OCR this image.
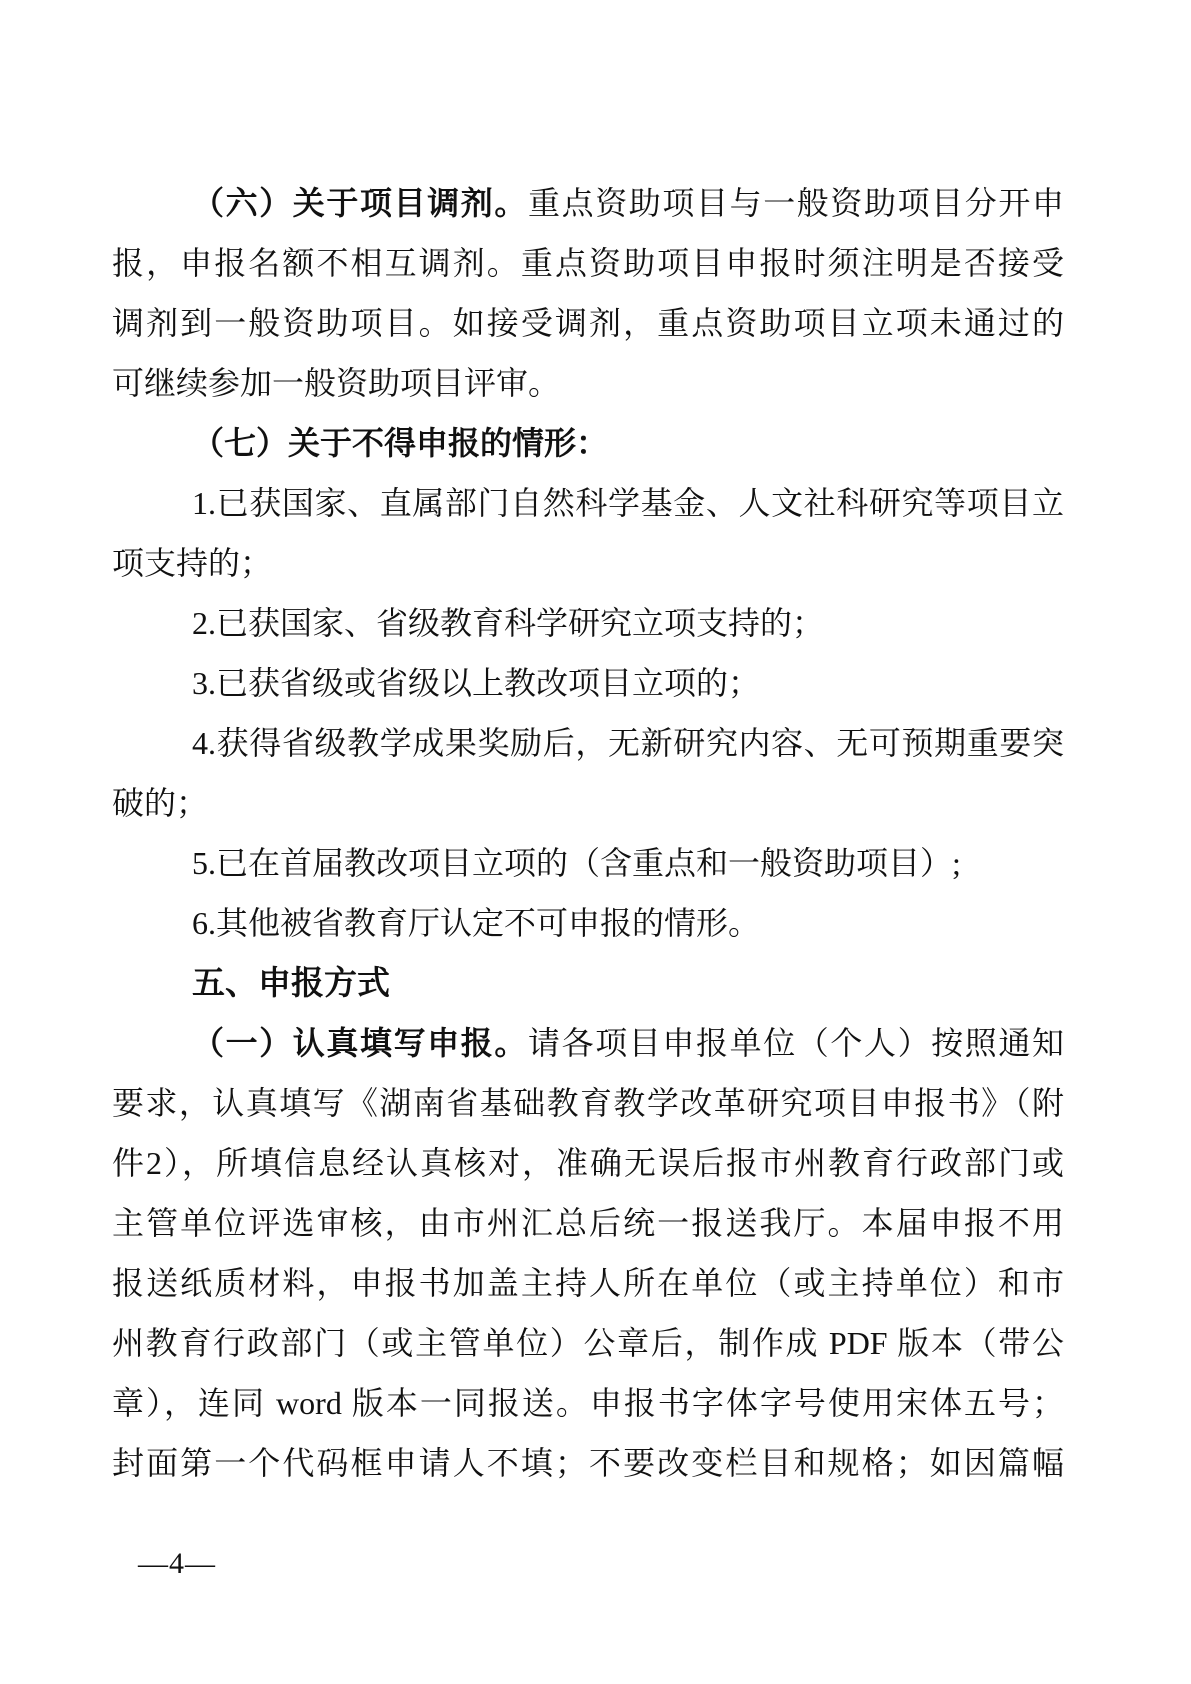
（六）关于项目调剂。重点资助项目与一般资助项目分开申
报，申报名额不相互调剂。重点资助项目申报时须注明是否接受
调剂到一般资助项目。如接受调剂，重点资助项目立项未通过的
可继续参加一般资助项目评审。
（七）关于不得申报的情形：
1.已获国家、直属部门自然科学基金、人文社科研究等项目立
项支持的；
2.已获国家、省级教育科学研究立项支持的；
3.已获省级或省级以上教改项目立项的；
4.获得省级教学成果奖励后，无新研究内容、无可预期重要突
破的；
5.已在首届教改项目立项的（含重点和一般资助项目）;
6.其他被省教育厅认定不可申报的情形。
五、申报方式
（一）认真填写申报。请各项目申报单位（个人）按照通知
要求，认真填写《湖南省基础教育教学改革研究项目申报书》（附
件2），所填信息经认真核对，准确无误后报市州教育行政部门或
主管单位评选审核，由市州汇总后统一报送我厅。本届申报不用
报送纸质材料，申报书加盖主持人所在单位（或主持单位）和市
州教育行政部门（或主管单位）公章后，制作成 PDF 版本（带公
章），连同 word 版本一同报送。申报书字体字号使用宋体五号；
封面第一个代码框申请人不填；不要改变栏目和规格；如因篇幅
—4—
